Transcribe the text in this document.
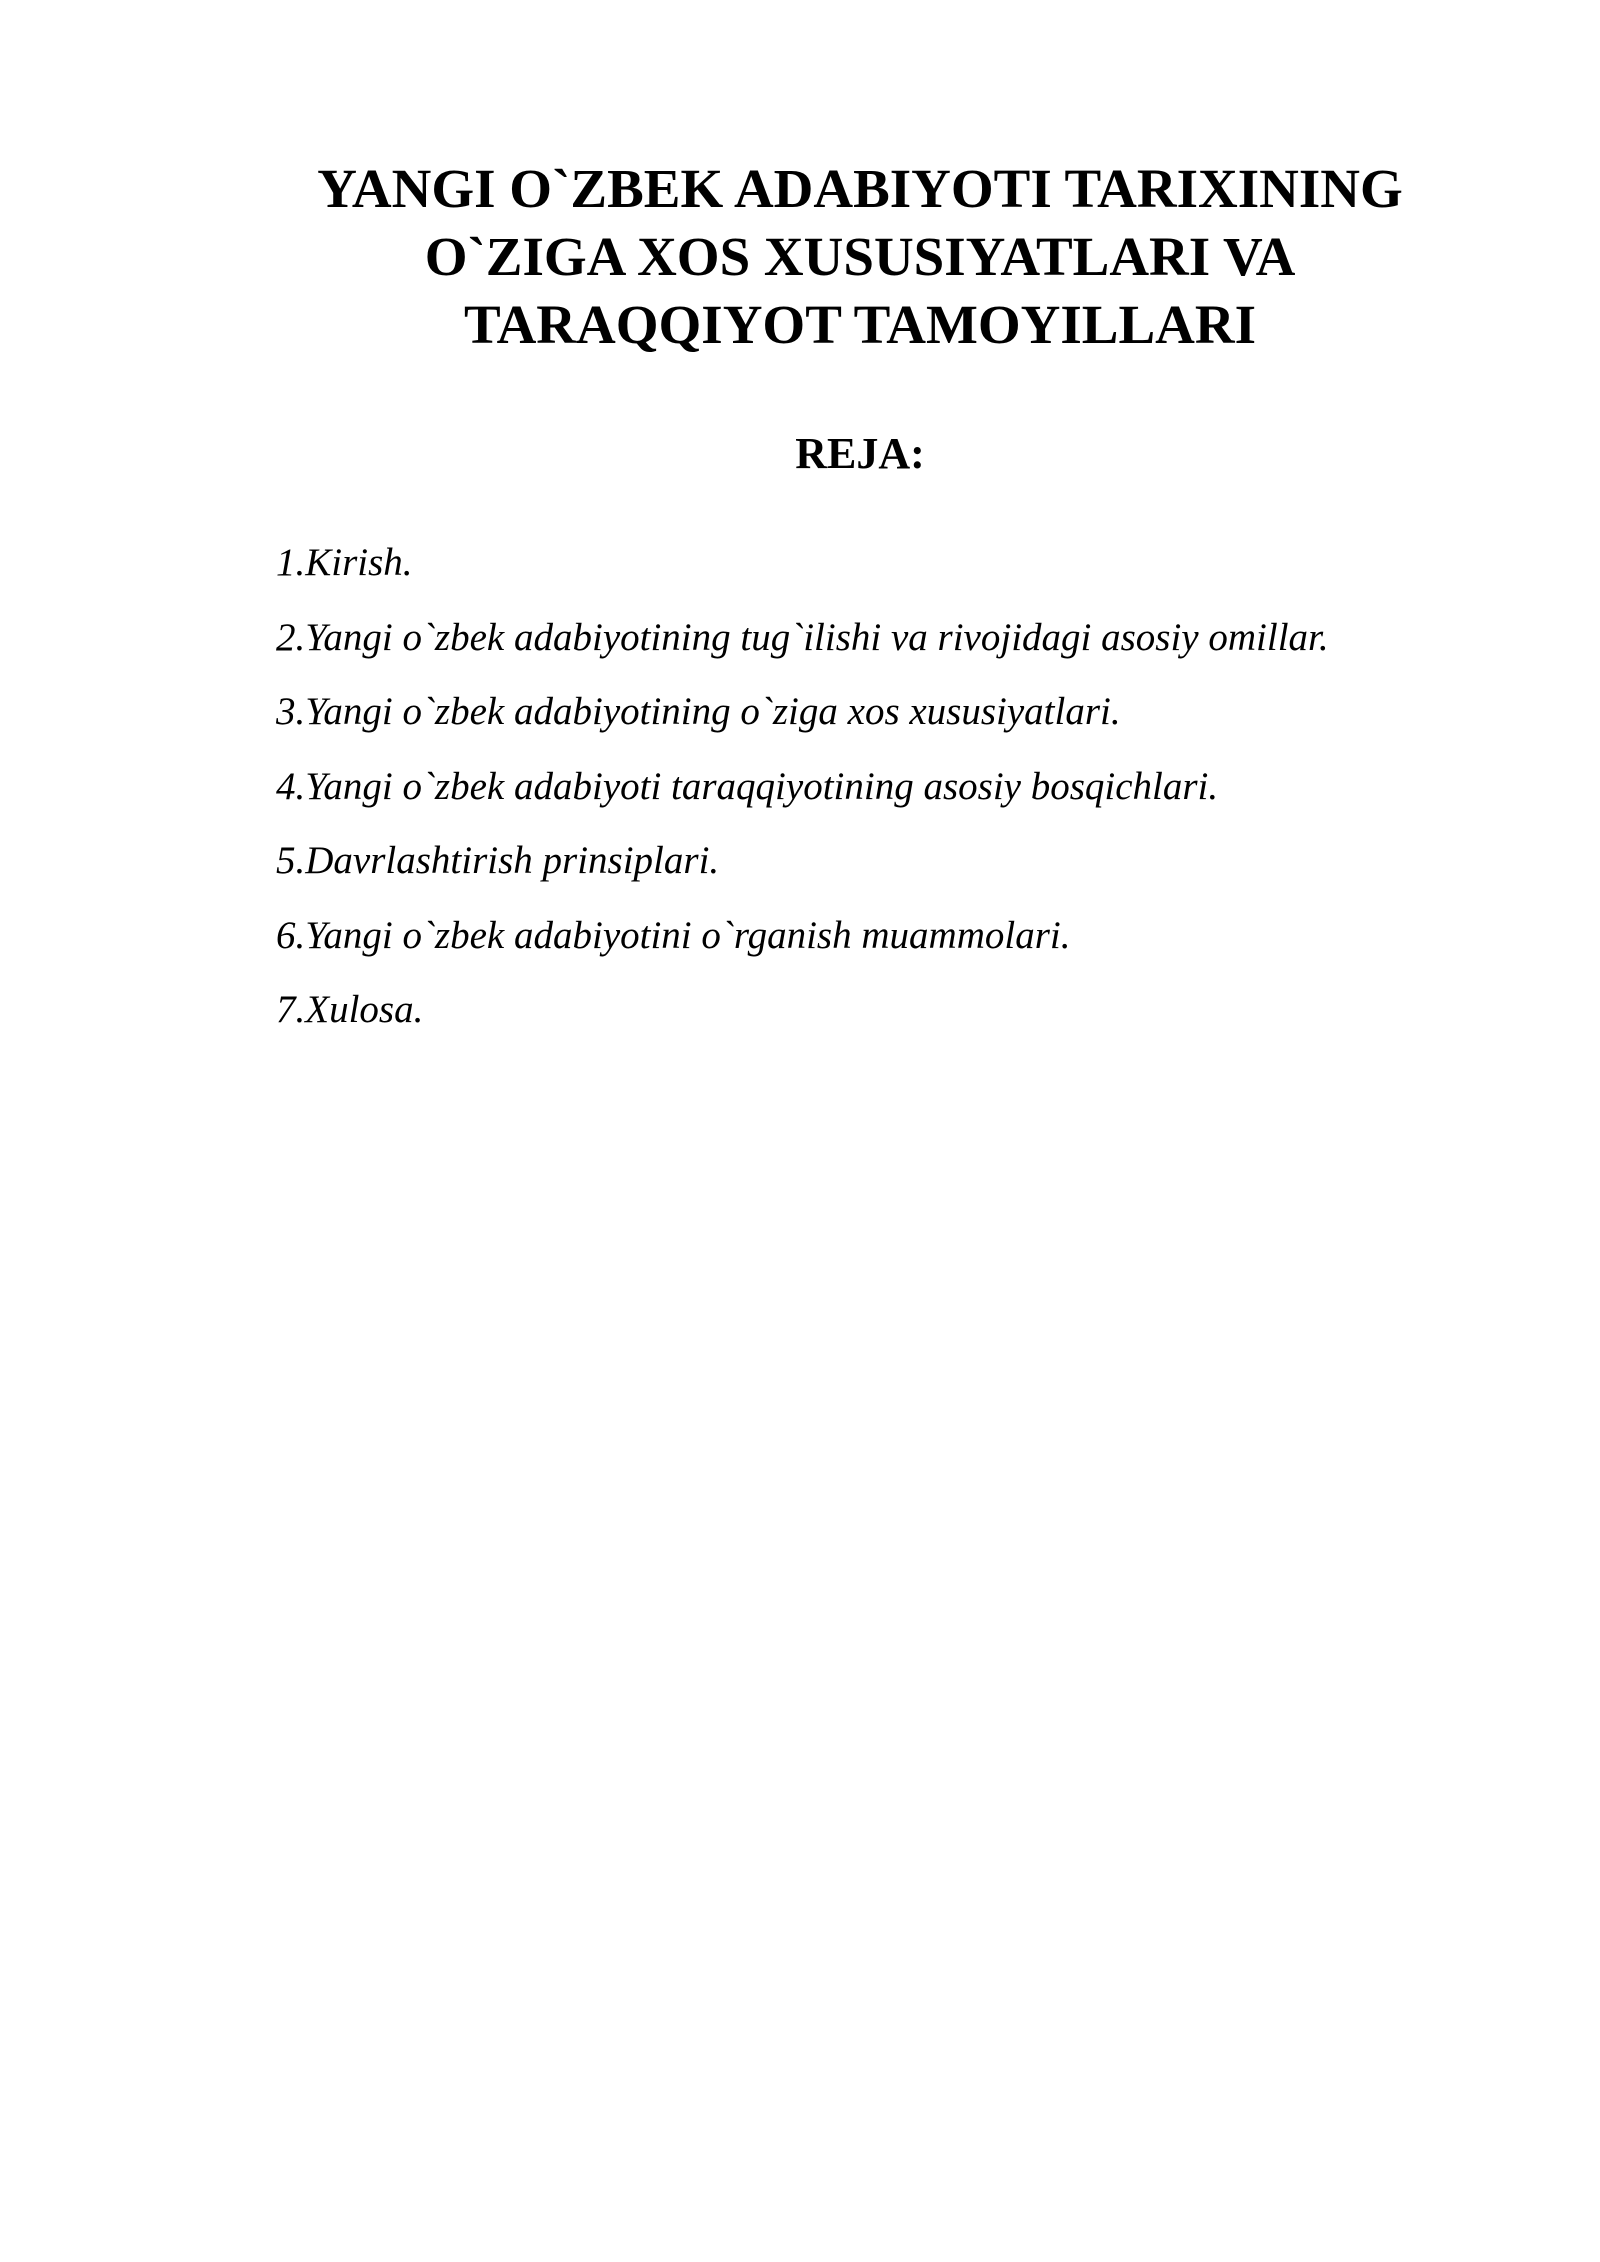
YANGI O`ZBEK ADABIYOTI TARIXINING
O`ZIGA XOS XUSUSIYATLARI VA
TARAQQIYOT TAMOYILLARI
REJA:
1.Kirish.
2.Yangi o`zbek adabiyotining tug`ilishi va rivojidagi asosiy omillar.
3.Yangi o`zbek adabiyotining o`ziga xos xususiyatlari.
4.Yangi o`zbek adabiyoti taraqqiyotining asosiy bosqichlari.
5.Davrlashtirish prinsiplari.
6.Yangi o`zbek adabiyotini o`rganish muammolari.
7.Xulosa.
